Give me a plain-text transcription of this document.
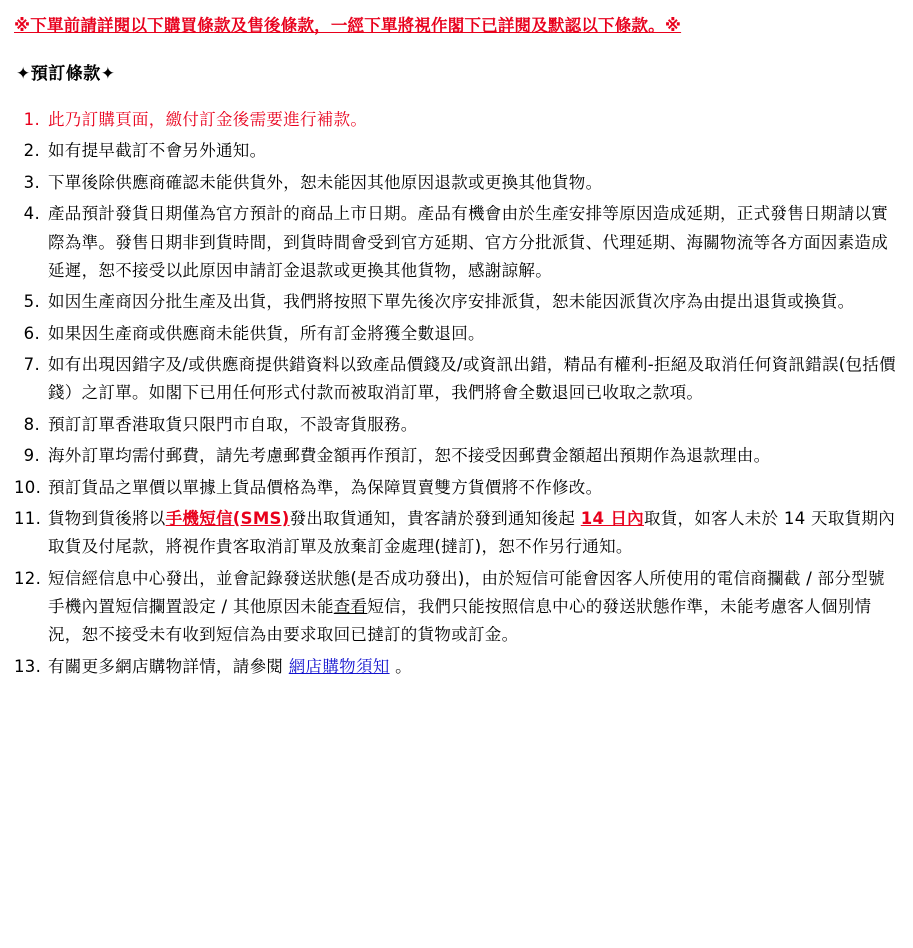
※下單前請詳閱以下購買條款及售後條款，一經下單將視作閣下已詳閱及默認以下條款。※
✦預訂條款✦
1. 此乃訂購頁面，繳付訂金後需要進行補款。
2. 如有提早截訂不會另外通知。
3. 下單後除供應商確認未能供貨外，恕未能因其他原因退款或更換其他貨物。
4. 產品預計發貨日期僅為官方預計的商品上市日期。產品有機會由於生產安排等原因造成延期，正式發售日期請以實際為準。發售日期非到貨時間，到貨時間會受到官方延期、官方分批派貨、代理延期、海關物流等各方面因素造成延遲，恕不接受以此原因申請訂金退款或更換其他貨物，感謝諒解。
5. 如因生產商因分批生產及出貨，我們將按照下單先後次序安排派貨，恕未能因派貨次序為由提出退貨或換貨。
6. 如果因生產商或供應商未能供貨，所有訂金將獲全數退回。
7. 如有出現因錯字及/或供應商提供錯資料以致產品價錢及/或資訊出錯，精品有權利-拒絕及取消任何資訊錯誤(包括價錢）之訂單。如閣下已用任何形式付款而被取消訂單，我們將會全數退回已收取之款項。
8. 預訂訂單香港取貨只限門市自取，不設寄貨服務。
9. 海外訂單均需付郵費，請先考慮郵費金額再作預訂，恕不接受因郵費金額超出預期作為退款理由。
10. 預訂貨品之單價以單據上貨品價格為準，為保障買賣雙方貨價將不作修改。
11. 貨物到貨後將以手機短信(SMS)發出取貨通知，貴客請於發到通知後起 14 日內取貨，如客人未於 14 天取貨期內取貨及付尾款，將視作貴客取消訂單及放棄訂金處理(撻訂)，恕不作另行通知。
12. 短信經信息中心發出，並會記錄發送狀態(是否成功發出)，由於短信可能會因客人所使用的電信商攔截 / 部分型號手機內置短信攔置設定 / 其他原因未能查看短信，我們只能按照信息中心的發送狀態作準，未能考慮客人個別情況，恕不接受未有收到短信為由要求取回已撻訂的貨物或訂金。
13. 有關更多網店購物詳情，請參閱 網店購物須知 。
